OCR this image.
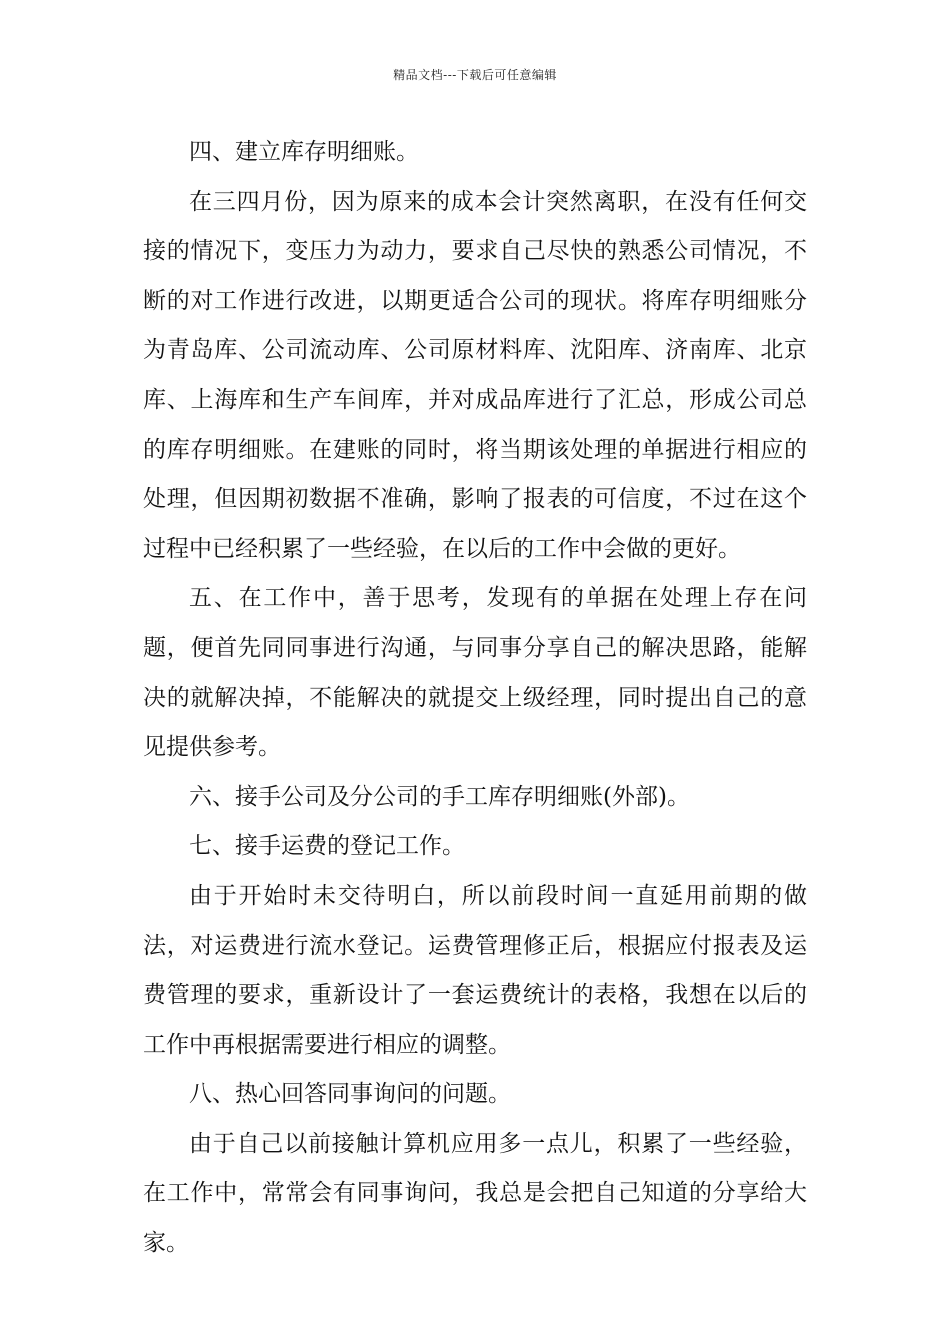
精品文档---下载后可任意编辑

四、建立库存明细账。

在三四月份，因为原来的成本会计突然离职，在没有任何交接的情况下，变压力为动力，要求自己尽快的熟悉公司情况，不断的对工作进行改进，以期更适合公司的现状。将库存明细账分为青岛库、公司流动库、公司原材料库、沈阳库、济南库、北京库、上海库和生产车间库，并对成品库进行了汇总，形成公司总的库存明细账。在建账的同时，将当期该处理的单据进行相应的处理，但因期初数据不准确，影响了报表的可信度，不过在这个过程中已经积累了一些经验，在以后的工作中会做的更好。

五、在工作中，善于思考，发现有的单据在处理上存在问题，便首先同同事进行沟通，与同事分享自己的解决思路，能解决的就解决掉，不能解决的就提交上级经理，同时提出自己的意见提供参考。

六、接手公司及分公司的手工库存明细账(外部)。

七、接手运费的登记工作。

由于开始时未交待明白，所以前段时间一直延用前期的做法，对运费进行流水登记。运费管理修正后，根据应付报表及运费管理的要求，重新设计了一套运费统计的表格，我想在以后的工作中再根据需要进行相应的调整。

八、热心回答同事询问的问题。

由于自己以前接触计算机应用多一点儿，积累了一些经验，在工作中，常常会有同事询问，我总是会把自己知道的分享给大家。
